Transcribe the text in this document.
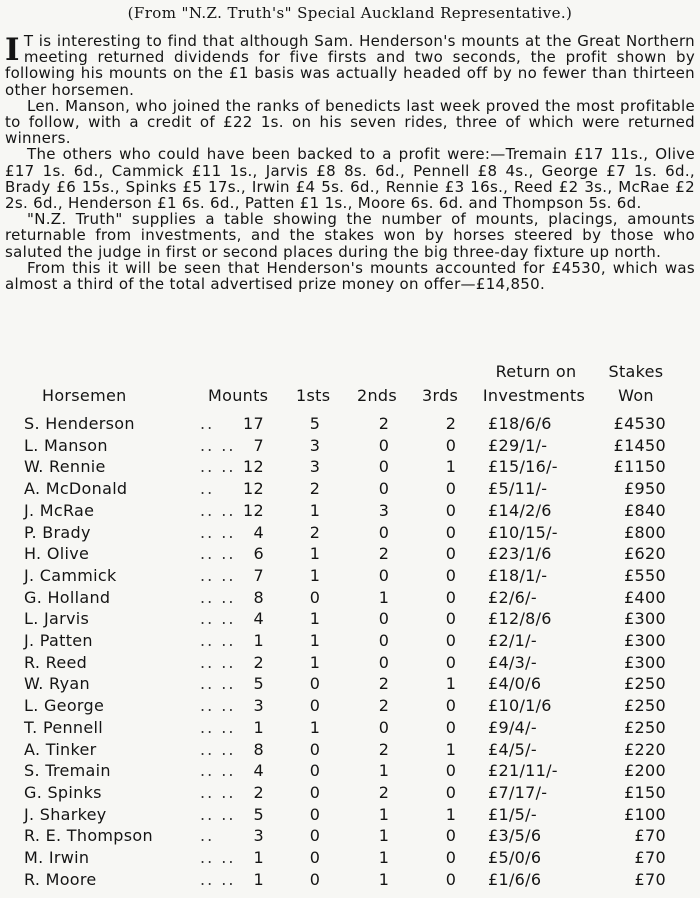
(From "N.Z. Truth's" Special Auckland Representative.)

I T is interesting to find that although Sam. Henderson's mounts at the Great Northern meeting returned dividends for five firsts and two seconds, the profit shown by following his mounts on the £1 basis was actually headed off by no fewer than thirteen other horsemen.

Len. Manson, who joined the ranks of benedicts last week proved the most profitable to follow, with a credit of £22 1s. on his seven rides, three of which were returned winners.

The others who could have been backed to a profit were:—Tremain £17 11s., Olive £17 1s. 6d., Cammick £11 1s., Jarvis £8 8s. 6d., Pennell £8 4s., George £7 1s. 6d., Brady £6 15s., Spinks £5 17s., Irwin £4 5s. 6d., Rennie £3 16s., Reed £2 3s., McRae £2 2s. 6d., Henderson £1 6s. 6d., Patten £1 1s., Moore 6s. 6d. and Thompson 5s. 6d.

"N.Z. Truth" supplies a table showing the number of mounts, placings, amounts returnable from investments, and the stakes won by horses steered by those who saluted the judge in first or second places during the big three-day fixture up north.

From this it will be seen that Henderson's mounts accounted for £4530, which was almost a third of the total advertised prize money on offer—£14,850.

Return on	Stakes
Horsemen	Mounts 1sts 2nds 3rds	Investments	Won
S. Henderson	..	17	5	2	2	£18/6/6	£4530
L. Manson	.. ..	7	3	0	0	£29/1/-	£1450
W. Rennie	.. .. 12	3	0	1	£15/16/-	£1150
A. McDonald	..	12	2	0	0	£5/11/-	£950
J. McRae	.. .. 12	1	3	0	£14/2/6	£840
P. Brady	.. ..	4	2	0	0	£10/15/-	£800
H. Olive	.. ..	6	1	2	0	£23/1/6	£620
J. Cammick	.. ..	7	1	0	0	£18/1/-	£550
G. Holland	.. ..	8	0	1	0	£2/6/-	£400
L. Jarvis	.. ..	4	1	0	0	£12/8/6	£300
J. Patten	.. ..	1	1	0	0	£2/1/-	£300
R. Reed	.. ..	2	1	0	0	£4/3/-	£300
W. Ryan	.. ..	5	0	2	1	£4/0/6	£250
L. George	.. ..	3	0	2	0	£10/1/6	£250
T. Pennell	.. ..	1	1	0	0	£9/4/-	£250
A. Tinker	.. ..	8	0	2	1	£4/5/-	£220
S. Tremain	.. ..	4	0	1	0	£21/11/-	£200
G. Spinks	.. ..	2	0	2	0	£7/17/-	£150
J. Sharkey	.. ..	5	0	1	1	£1/5/-	£100
R. E. Thompson	..	3	0	1	0	£3/5/6	£70
M. Irwin	.. ..	1	0	1	0	£5/0/6	£70
R. Moore	.. ..	1	0	1	0	£1/6/6	£70
